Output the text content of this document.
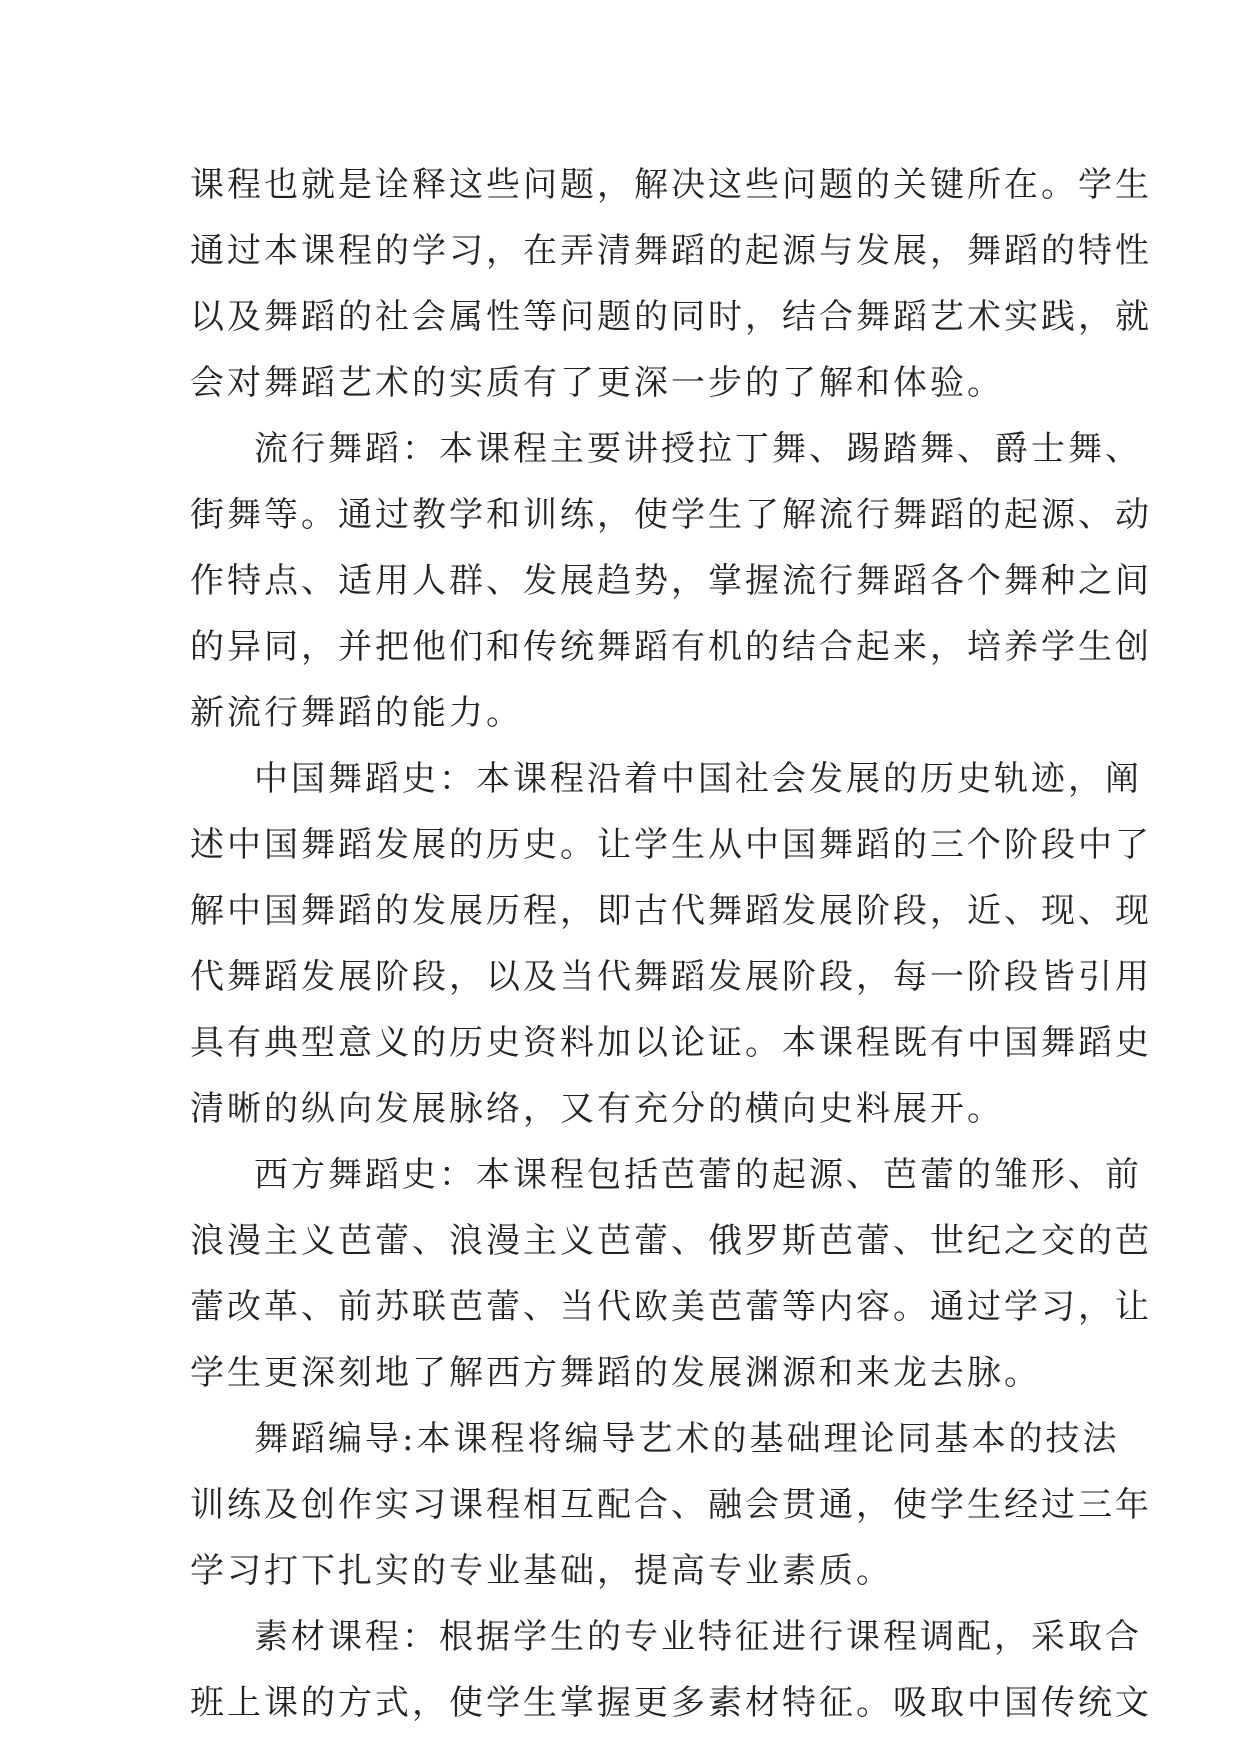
课程也就是诠释这些问题，解决这些问题的关键所在。学生
通过本课程的学习，在弄清舞蹈的起源与发展，舞蹈的特性
以及舞蹈的社会属性等问题的同时，结合舞蹈艺术实践，就
会对舞蹈艺术的实质有了更深一步的了解和体验。
流行舞蹈：本课程主要讲授拉丁舞、踢踏舞、爵士舞、
街舞等。通过教学和训练，使学生了解流行舞蹈的起源、动
作特点、适用人群、发展趋势，掌握流行舞蹈各个舞种之间
的异同，并把他们和传统舞蹈有机的结合起来，培养学生创
新流行舞蹈的能力。
中国舞蹈史：本课程沿着中国社会发展的历史轨迹，阐
述中国舞蹈发展的历史。让学生从中国舞蹈的三个阶段中了
解中国舞蹈的发展历程，即古代舞蹈发展阶段，近、现、现
代舞蹈发展阶段，以及当代舞蹈发展阶段，每一阶段皆引用
具有典型意义的历史资料加以论证。本课程既有中国舞蹈史
清晰的纵向发展脉络，又有充分的横向史料展开。
西方舞蹈史：本课程包括芭蕾的起源、芭蕾的雏形、前
浪漫主义芭蕾、浪漫主义芭蕾、俄罗斯芭蕾、世纪之交的芭
蕾改革、前苏联芭蕾、当代欧美芭蕾等内容。通过学习，让
学生更深刻地了解西方舞蹈的发展渊源和来龙去脉。
舞蹈编导:本课程将编导艺术的基础理论同基本的技法
训练及创作实习课程相互配合、融会贯通，使学生经过三年
学习打下扎实的专业基础，提高专业素质。
素材课程：根据学生的专业特征进行课程调配，采取合
班上课的方式，使学生掌握更多素材特征。吸取中国传统文
